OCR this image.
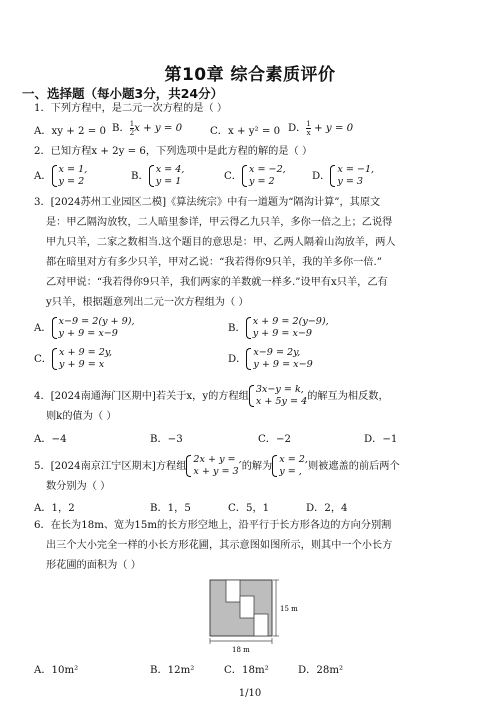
第10章 综合素质评价
一、选择题（每小题3分，共24分）
1．下列方程中，是二元一次方程的是（ ）
A．xy + 2 = 0 B． $\frac{1}{2}$ x + y = 0	C．x + y² = 0 D． $\frac{1}{x} + y = 0$
2．已知方程x + 2y = 6，下列选项中是此方程的解的是（ ）
A．
x = 1,
y = 2	B．
x = 4,
y = 1	C．
x = −2,
y = 2	D．
x = −1,
y = 3
3．[2024苏州工业园区二模]《算法统宗》中有一道题为“隔沟计算”，其原文
是：甲乙隔沟放牧，二人暗里参详，甲云得乙九只羊，多你一倍之上；乙说得
甲九只羊，二家之数相当.这个题目的意思是：甲、乙两人隔着山沟放羊，两人
都在暗里对方有多少只羊，甲对乙说：“我若得你9只羊，我的羊多你一倍.”
乙对甲说：“我若得你9只羊，我们两家的羊数就一样多.”设甲有x只羊，乙有
y只羊，根据题意列出二元一次方程组为（ ）
A．
x−9 = 2(y + 9),
y + 9 = x−9	B．
x + 9 = 2(y−9),
y + 9 = x−9
C．
x + 9 = 2y,
y + 9 = x	D．
x−9 = 2y,
y + 9 = x−9
4．[2024南通海门区期中]若关于x，y的方程组
3x−y = k,
x + 5y = 4 的解互为相反数，
则k的值为（ ）
A．−4	B．−3	C．−2	D．−1
5．[2024南京江宁区期末]方程组
2x + y = ,
x + y = 3 的解为
x = 2,
y = , 则被遮盖的前后两个
数分别为（ ）
A．1，2	B．1，5	C．5，1	D．2，4
6．在长为18m、宽为15m的长方形空地上，沿平行于长方形各边的方向分别割
出三个大小完全一样的小长方形花圃，其示意图如图所示，则其中一个小长方
形花圃的面积为（ ）
15 m
18 m
A．10m²	B．12m²	C．18m²	D．28m²
1/10
